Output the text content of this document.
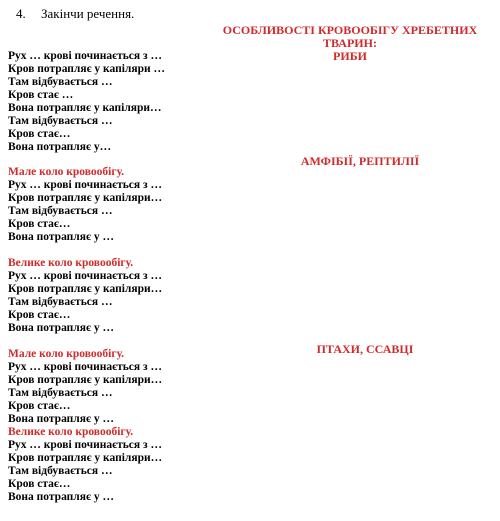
4. Закінчи речення.
ОСОБЛИВОСТІ КРОВООБІГУ ХРЕБЕТНИХ ТВАРИН:
РИБИ
АМФІБІЇ, РЕПТИЛІЇ
ПТАХИ, ССАВЦІ
Рух … крові починається з …
Кров потрапляє у капіляри …
Там відбувається …
Кров стає …
Вона потрапляє у капіляри…
Там відбувається …
Кров стає…
Вона потрапляє у…
Мале коло кровообігу.
Рух … крові починається з …
Кров потрапляє у капіляри…
Там відбувається …
Кров стає…
Вона потрапляє у …
Велике коло кровообігу.
Рух … крові починається з …
Кров потрапляє у капіляри…
Там відбувається …
Кров стає…
Вона потрапляє у …
Мале коло кровообігу.
Рух … крові починається з …
Кров потрапляє у капіляри…
Там відбувається …
Кров стає…
Вона потрапляє у …
Велике коло кровообігу.
Рух … крові починається з …
Кров потрапляє у капіляри…
Там відбувається …
Кров стає…
Вона потрапляє у …
